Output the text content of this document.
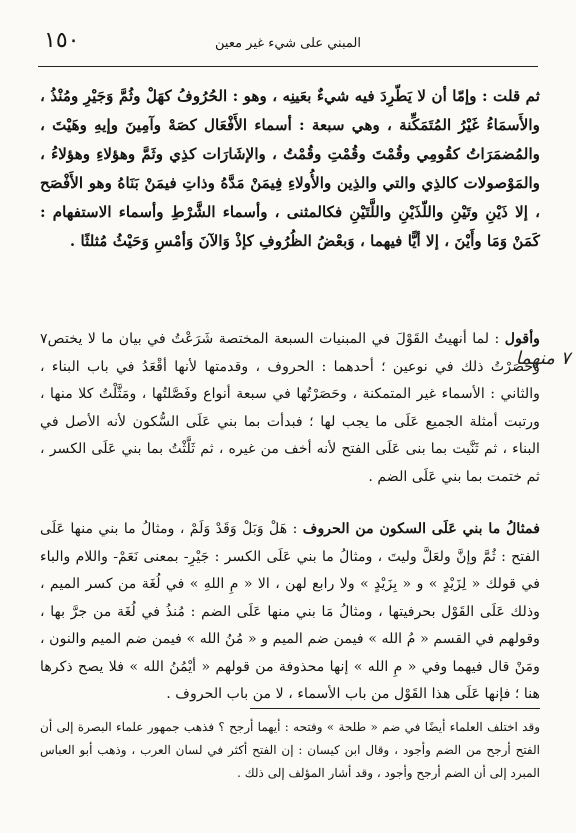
١٥٠	المبني على شيء غير معين

ثم قلت : وإمّا أن لا يَطّرِدَ فيه شيءٌ بعَينِه ، وهو : الحُرُوفُ كهَلْ وثُمَّ وَجَيْرِ ومُنْذُ ، والأَسمَاءُ غَيْرُ المُتَمَكِّنة ، وهي سبعة : أسماء الأَفْعَال كصَهْ وآمِينَ وإيهِ وهَيْتَ ، والمُضمَرَاتُ كقُومِي وقُمْتَ وقُمْتِ وقُمْتُ ، والإشَارَات كذِي وثَمَّ وهؤلاءِ وهؤلاءُ ، والمَوْصولات كالذِي والتي والذِين والأُولاءِ فِيمَنْ مَدَّهُ وذاتِ فيمَنْ بَنَاهُ وهو الأَفْصَح ، إلا ذَيْنِ وتَيْنِ واللّذَيْنِ واللَّتَيْنِ فكالمثنى ، وأسماء الشَّرْطِ وأسماء الاستفهام : كَمَنْ وَمَا وأَيْنَ ، إلا أيًّا فيهما ، وَبعْضُ الظُرُوفِ كإذْ وَالآنَ وَأمْسِ وَحَيْثُ مُثلثًا .

وأقول : لما أنهيتُ القَوْلَ في المبنيات السبعة المختصة شَرَعْتُ في بيان ما لا يختص٧ وَحَصَرْتُ ذلك في نوعين ؛ أحدهما : الحروف ، وقدمتها لأنها أقْعَدُ في باب البناء ، والثاني : الأسماء غير المتمكنة ، وحَصَرْتُها في سبعة أنواع وفَصَّلتُها ، ومَثَّلْتُ كلا منها ، ورتبت أمثلة الجميع عَلَى ما يجب لها ؛ فبدأت بما بني عَلَى السُّكون لأنه الأصل في البناء ، ثم ثَنَّيت بما بنى عَلَى الفتح لأنه أخف من غيره ، ثم ثَلَّثْتُ بما بني عَلَى الكسر ، ثم ختمت بما بني عَلَى الضم .

فمثالُ ما بني عَلَى السكون من الحروف : هَلْ وَبَلْ وَقَدْ وَلَمْ ، ومثالُ ما بني منها عَلَى الفتح : ثُمَّ وإنَّ ولعَلَّ وليتَ ، ومثالُ ما بني عَلَى الكسر : جَيْرِ- بمعنى نَعَمْ- واللام والباء في قولك « لِزَيْدٍ » و « بِزَيْدٍ » ولا رابع لهن ، الا « مِ اللهِ » في لُغَة من كسر الميم ، وذلك عَلَى القَوْل بحرفيتها ، ومثالُ مَا بني منها عَلَى الضم : مُنذُ في لُغَة من جرَّ بها ، وقولهم في القسم « مُ الله » فيمن ضم الميم و « مُنُ الله » فيمن ضم الميم والنون ، ومَنْ قال فيهما وفي « مِ الله » إنها محذوفة من قولهم « أيْمُنُ الله » فلا يصح ذكرها هنا ؛ فإنها عَلَى هذا القَوْل من باب الأسماء ، لا من باب الحروف .

٧ منهما

وقد اختلف العلماء أيضًا في ضم « طلحة » وفتحه : أيهما أرجح ؟ فذهب جمهور علماء البصرة إلى أن الفتح أرجح من الضم وأجود ، وقال ابن كيسان : إن الفتح أكثر في لسان العرب ، وذهب أبو العباس المبرد إلى أن الضم أرجح وأجود ، وقد أشار المؤلف إلى ذلك .
